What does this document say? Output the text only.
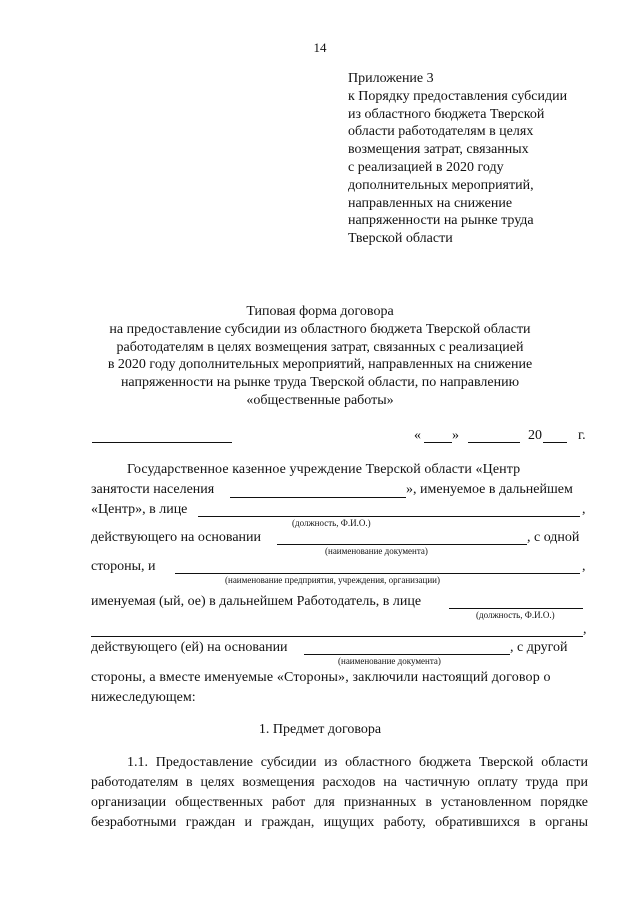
14
Приложение 3
к Порядку предоставления субсидии
из областного бюджета Тверской
области работодателям в целях
возмещения затрат, связанных
с реализацией в 2020 году
дополнительных мероприятий,
направленных на снижение
напряженности на рынке труда
Тверской области
Типовая форма договора
на предоставление субсидии из областного бюджета Тверской области
работодателям в целях возмещения затрат, связанных с реализацией
в 2020 году дополнительных мероприятий, направленных на снижение
напряженности на рынке труда Тверской области, по направлению
«общественные работы»
« »	20	г.
Государственное казенное учреждение Тверской области «Центр
занятости населения	», именуемое в дальнейшем
«Центр», в лице	,
(должность, Ф.И.О.)
действующего на основании	, с одной
(наименование документа)
стороны, и	,
(наименование предприятия, учреждения, организации)
именуемая (ый, ое) в дальнейшем Работодатель, в лице
(должность, Ф.И.О.)
,
действующего (ей) на основании	, с другой
(наименование документа)
стороны, а вместе именуемые «Стороны», заключили настоящий договор о
нижеследующем:
1. Предмет договора
1.1. Предоставление субсидии из областного бюджета Тверской области
работодателям в целях возмещения расходов на частичную оплату труда при
организации общественных работ для признанных в установленном порядке
безработными граждан и граждан, ищущих работу, обратившихся в органы
